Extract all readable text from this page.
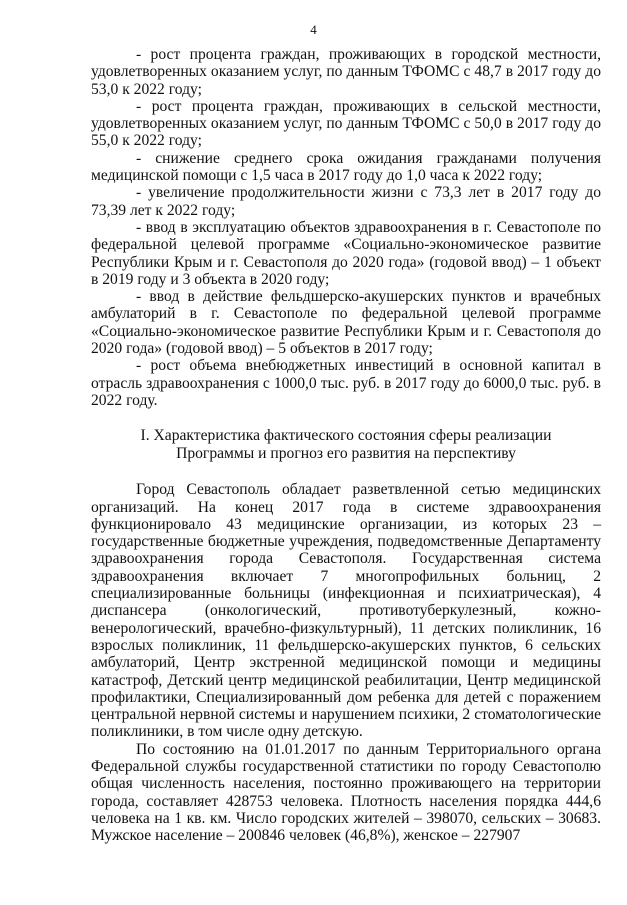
4

- рост процента граждан, проживающих в городской местности, удовлетворенных оказанием услуг, по данным ТФОМС с 48,7 в 2017 году до 53,0 к 2022 году;

- рост процента граждан, проживающих в сельской местности, удовлетворенных оказанием услуг, по данным ТФОМС с 50,0 в 2017 году до 55,0 к 2022 году;

- снижение среднего срока ожидания гражданами получения медицинской помощи с 1,5 часа в 2017 году до 1,0 часа к 2022 году;

- увеличение продолжительности жизни с 73,3 лет в 2017 году до 73,39 лет к 2022 году;

- ввод в эксплуатацию объектов здравоохранения в г. Севастополе по федеральной целевой программе «Социально-экономическое развитие Республики Крым и г. Севастополя до 2020 года» (годовой ввод) – 1 объект в 2019 году и 3 объекта в 2020 году;

- ввод в действие фельдшерско-акушерских пунктов и врачебных амбулаторий в г. Севастополе по федеральной целевой программе «Социально-экономическое развитие Республики Крым и г. Севастополя до 2020 года» (годовой ввод) – 5 объектов в 2017 году;

- рост объема внебюджетных инвестиций в основной капитал в отрасль здравоохранения с 1000,0 тыс. руб. в 2017 году до 6000,0 тыс. руб. в 2022 году.

I. Характеристика фактического состояния сферы реализации
Программы и прогноз его развития на перспективу

Город Севастополь обладает разветвленной сетью медицинских организаций. На конец 2017 года в системе здравоохранения функционировало 43 медицинские организации, из которых 23 – государственные бюджетные учреждения, подведомственные Департаменту здравоохранения города Севастополя. Государственная система здравоохранения включает 7 многопрофильных больниц, 2 специализированные больницы (инфекционная и психиатрическая), 4 диспансера (онкологический, противотуберкулезный, кожно-венерологический, врачебно-физкультурный), 11 детских поликлиник, 16 взрослых поликлиник, 11 фельдшерско-акушерских пунктов, 6 сельских амбулаторий, Центр экстренной медицинской помощи и медицины катастроф, Детский центр медицинской реабилитации, Центр медицинской профилактики, Специализированный дом ребенка для детей с поражением центральной нервной системы и нарушением психики, 2 стоматологические поликлиники, в том числе одну детскую.

По состоянию на 01.01.2017 по данным Территориального органа Федеральной службы государственной статистики по городу Севастополю общая численность населения, постоянно проживающего на территории города, составляет 428753 человека. Плотность населения порядка 444,6 человека на 1 кв. км. Число городских жителей – 398070, сельских – 30683. Мужское население – 200846 человек (46,8%), женское – 227907
